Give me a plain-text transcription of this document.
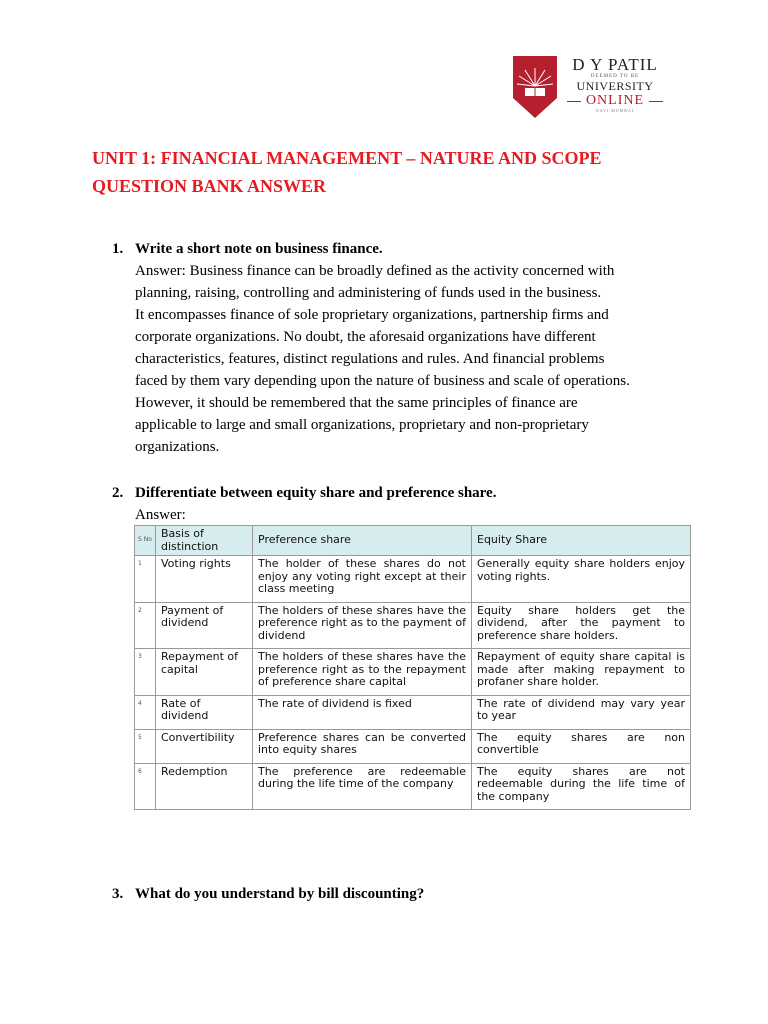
D Y PATIL
DEEMED TO BE
UNIVERSITY
ONLINE
NAVI MUMBAI
UNIT 1: FINANCIAL MANAGEMENT – NATURE AND SCOPE
QUESTION BANK ANSWER
1. Write a short note on business finance.
Answer: Business finance can be broadly defined as the activity concerned with
planning, raising, controlling and administering of funds used in the business.
It encompasses finance of sole proprietary organizations, partnership firms and
corporate organizations. No doubt, the aforesaid organizations have different
characteristics, features, distinct regulations and rules. And financial problems
faced by them vary depending upon the nature of business and scale of operations.
However, it should be remembered that the same principles of finance are
applicable to large and small organizations, proprietary and non-proprietary
organizations.
2. Differentiate between equity share and preference share.
Answer:
S No	Basis of distinction	Preference share	Equity Share
1	Voting rights	The holder of these shares do not enjoy any voting right except at their class meeting	Generally equity share holders enjoy voting rights.
2	Payment of dividend	The holders of these shares have the preference right as to the payment of dividend	Equity share holders get the dividend, after the payment to preference share holders.
3	Repayment of capital	The holders of these shares have the preference right as to the repayment of preference share capital	Repayment of equity share capital is made after making repayment to profaner share holder.
4	Rate of dividend	The rate of dividend is fixed	The rate of dividend may vary year to year
5	Convertibility	Preference shares can be converted into equity shares	The equity shares are non convertible
6	Redemption	The preference are redeemable during the life time of the company	The equity shares are not redeemable during the life time of the company
3. What do you understand by bill discounting?
